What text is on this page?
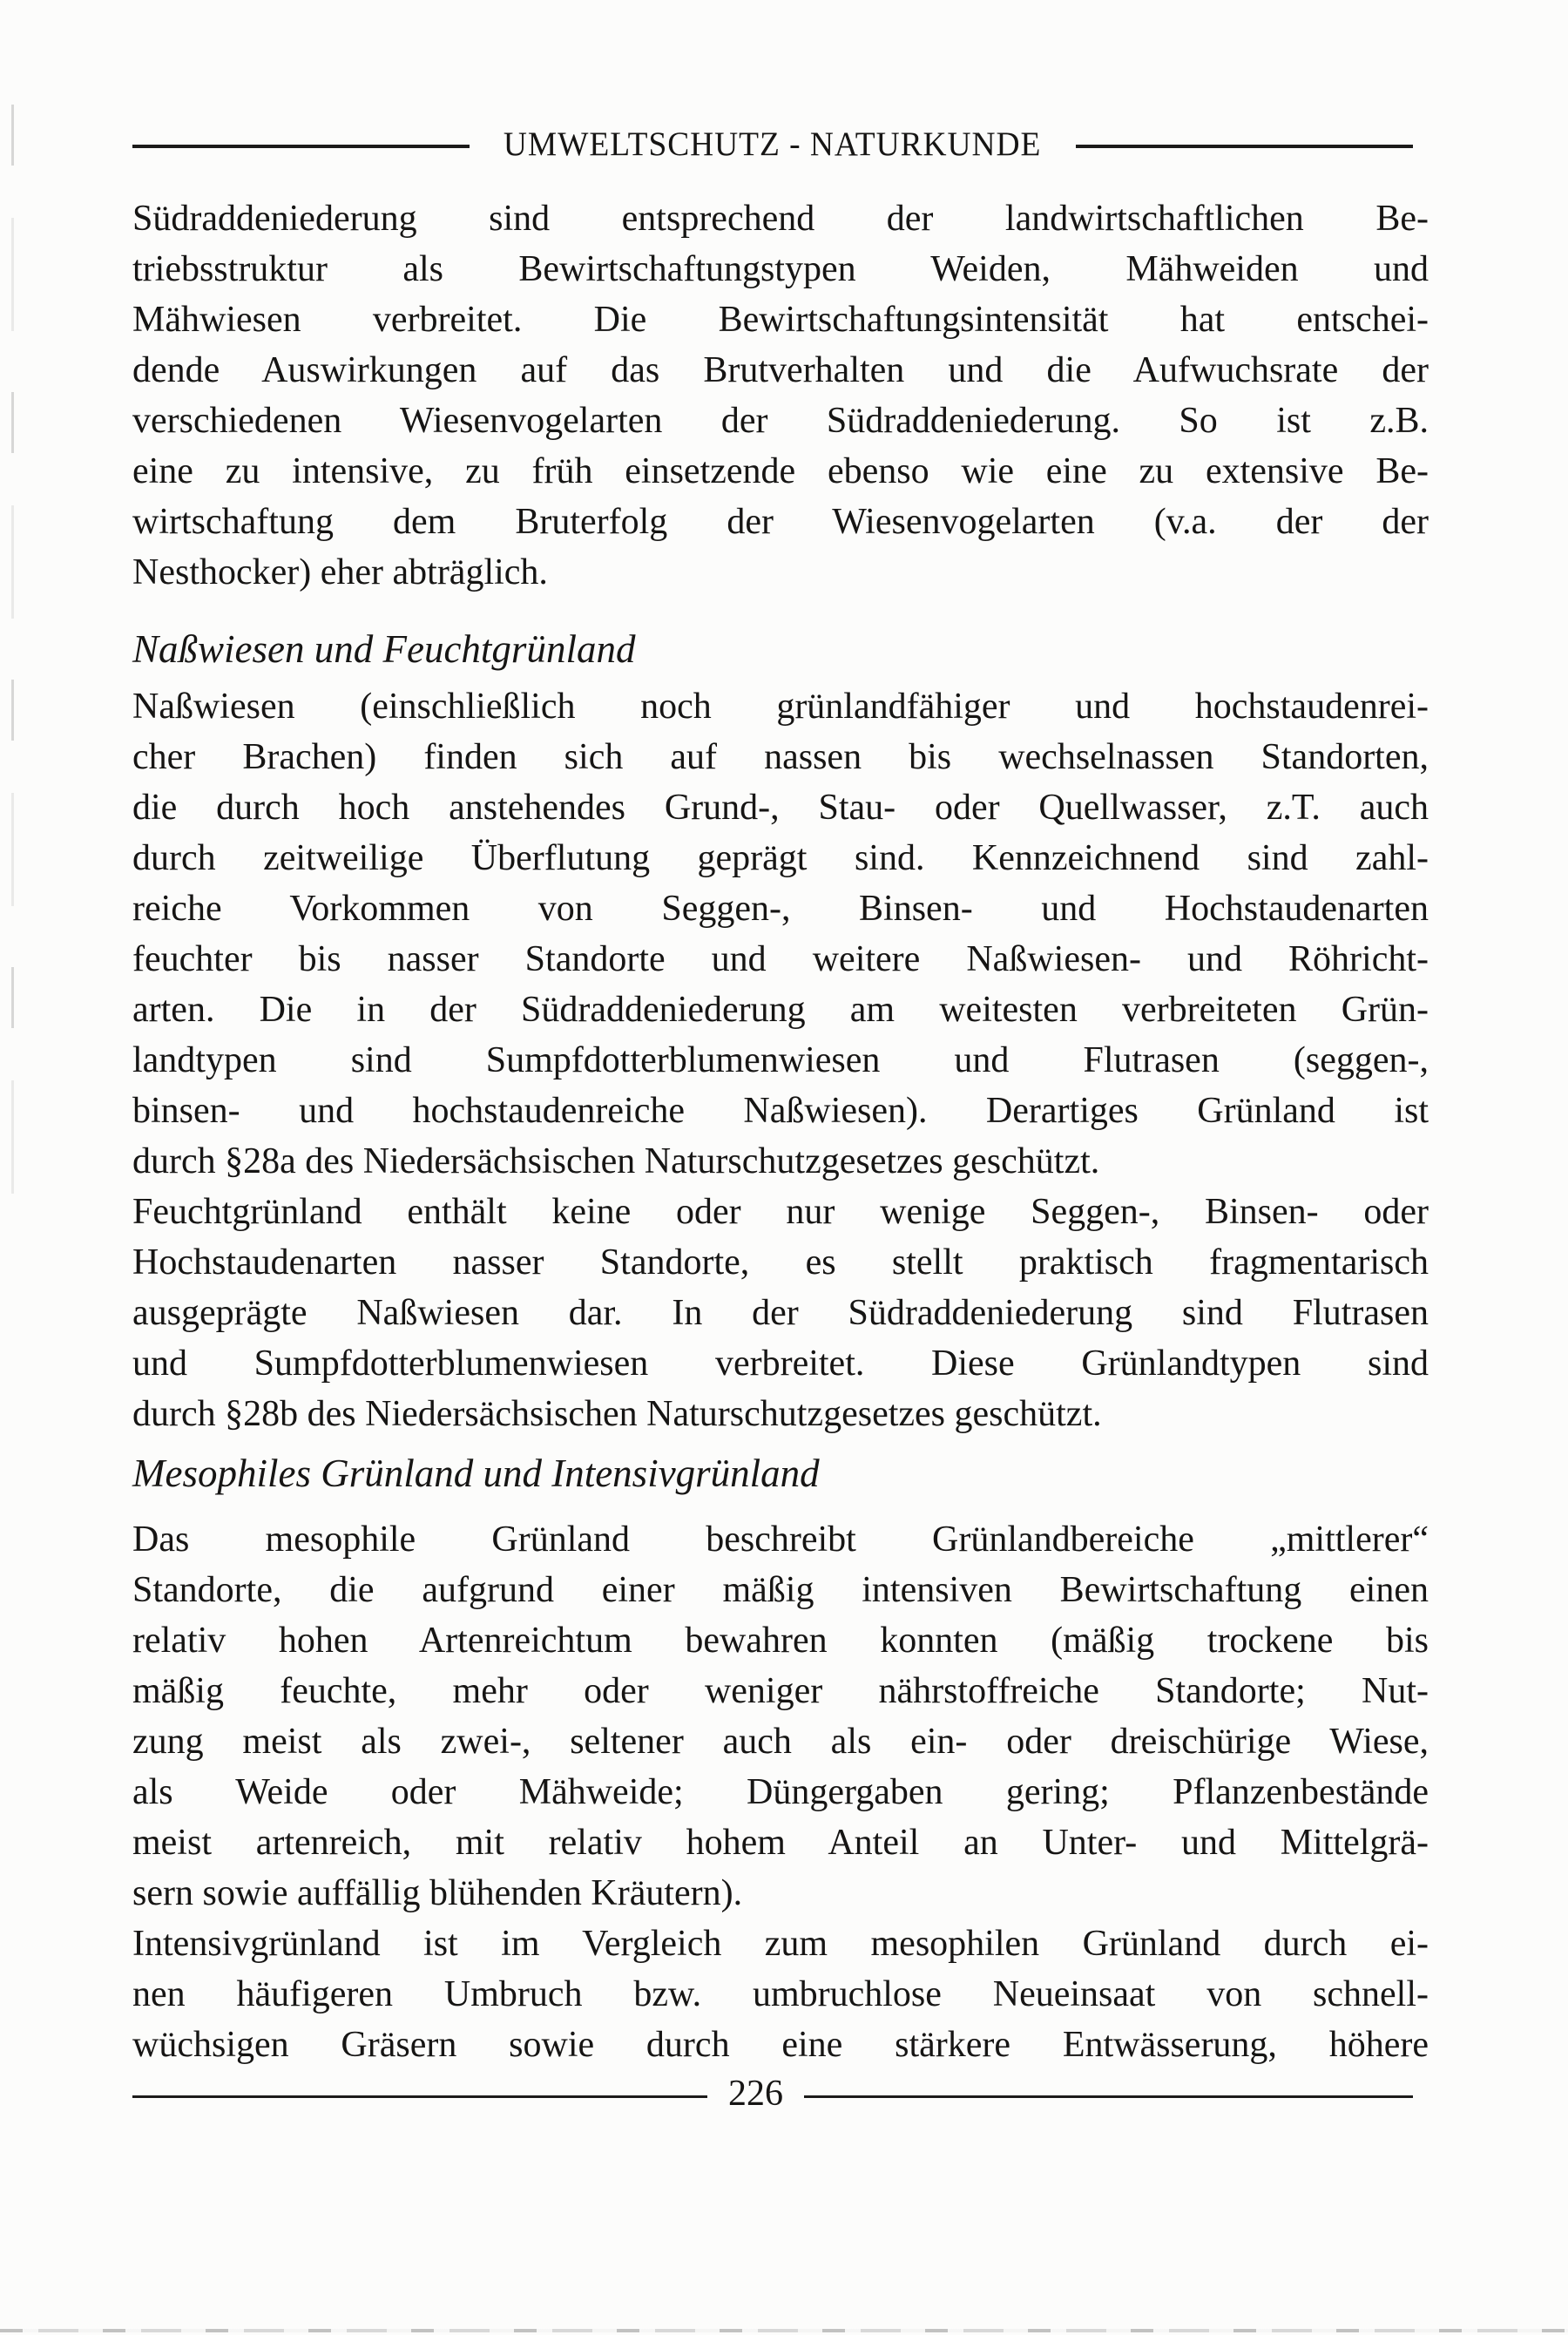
UMWELTSCHUTZ - NATURKUNDE
Südraddeniederung sind entsprechend der landwirtschaftlichen Be-
triebsstruktur als Bewirtschaftungstypen Weiden, Mähweiden und
Mähwiesen verbreitet. Die Bewirtschaftungsintensität hat entschei-
dende Auswirkungen auf das Brutverhalten und die Aufwuchsrate der
verschiedenen Wiesenvogelarten der Südraddeniederung. So ist z.B.
eine zu intensive, zu früh einsetzende ebenso wie eine zu extensive Be-
wirtschaftung dem Bruterfolg der Wiesenvogelarten (v.a. der der
Nesthocker) eher abträglich.
Naßwiesen und Feuchtgrünland
Naßwiesen (einschließlich noch grünlandfähiger und hochstaudenrei-
cher Brachen) finden sich auf nassen bis wechselnassen Standorten,
die durch hoch anstehendes Grund-, Stau- oder Quellwasser, z.T. auch
durch zeitweilige Überflutung geprägt sind. Kennzeichnend sind zahl-
reiche Vorkommen von Seggen-, Binsen- und Hochstaudenarten
feuchter bis nasser Standorte und weitere Naßwiesen- und Röhricht-
arten. Die in der Südraddeniederung am weitesten verbreiteten Grün-
landtypen sind Sumpfdotterblumenwiesen und Flutrasen (seggen-,
binsen- und hochstaudenreiche Naßwiesen). Derartiges Grünland ist
durch §28a des Niedersächsischen Naturschutzgesetzes geschützt.
Feuchtgrünland enthält keine oder nur wenige Seggen-, Binsen- oder
Hochstaudenarten nasser Standorte, es stellt praktisch fragmentarisch
ausgeprägte Naßwiesen dar. In der Südraddeniederung sind Flutrasen
und Sumpfdotterblumenwiesen verbreitet. Diese Grünlandtypen sind
durch §28b des Niedersächsischen Naturschutzgesetzes geschützt.
Mesophiles Grünland und Intensivgrünland
Das mesophile Grünland beschreibt Grünlandbereiche „mittlerer“
Standorte, die aufgrund einer mäßig intensiven Bewirtschaftung einen
relativ hohen Artenreichtum bewahren konnten (mäßig trockene bis
mäßig feuchte, mehr oder weniger nährstoffreiche Standorte; Nut-
zung meist als zwei-, seltener auch als ein- oder dreischürige Wiese,
als Weide oder Mähweide; Düngergaben gering; Pflanzenbestände
meist artenreich, mit relativ hohem Anteil an Unter- und Mittelgrä-
sern sowie auffällig blühenden Kräutern).
Intensivgrünland ist im Vergleich zum mesophilen Grünland durch ei-
nen häufigeren Umbruch bzw. umbruchlose Neueinsaat von schnell-
wüchsigen Gräsern sowie durch eine stärkere Entwässerung, höhere
226
